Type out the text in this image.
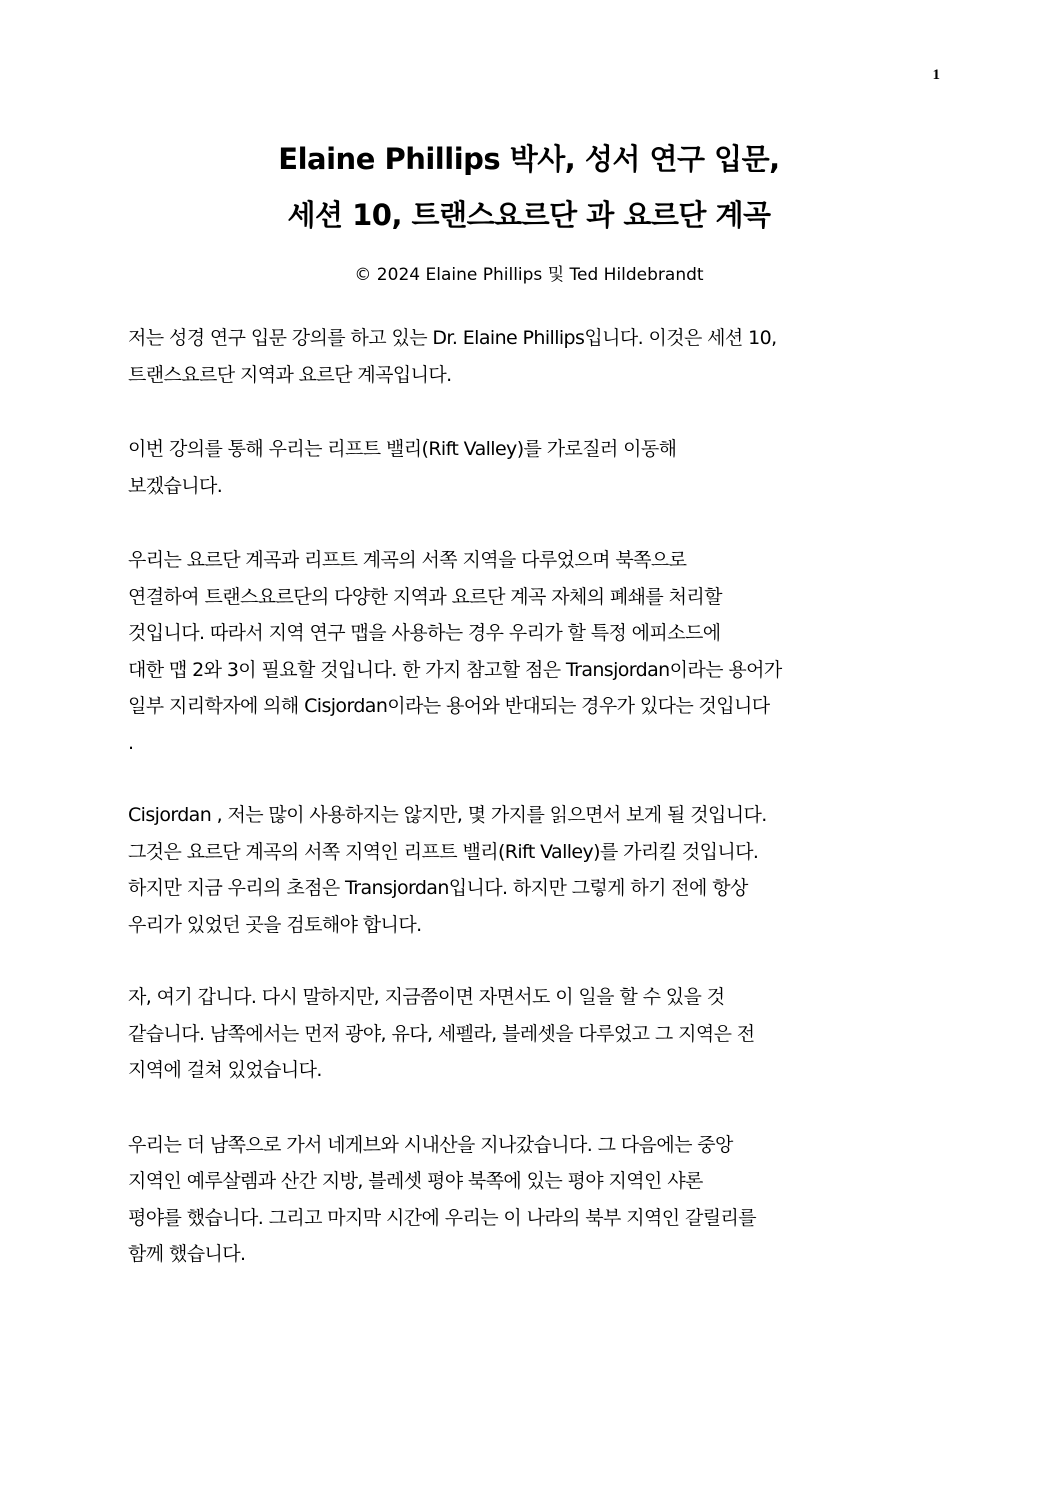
1
Elaine Phillips 박사, 성서 연구 입문,
세션 10, 트랜스요르단 과 요르단 계곡
© 2024 Elaine Phillips 및 Ted Hildebrandt

저는 성경 연구 입문 강의를 하고 있는 Dr. Elaine Phillips입니다. 이것은 세션 10,
트랜스요르단 지역과 요르단 계곡입니다.

이번 강의를 통해 우리는 리프트 밸리(Rift Valley)를 가로질러 이동해
보겠습니다.

우리는 요르단 계곡과 리프트 계곡의 서쪽 지역을 다루었으며 북쪽으로
연결하여 트랜스요르단의 다양한 지역과 요르단 계곡 자체의 폐쇄를 처리할
것입니다. 따라서 지역 연구 맵을 사용하는 경우 우리가 할 특정 에피소드에
대한 맵 2와 3이 필요할 것입니다. 한 가지 참고할 점은 Transjordan이라는 용어가
일부 지리학자에 의해 Cisjordan이라는 용어와 반대되는 경우가 있다는 것입니다
.

Cisjordan , 저는 많이 사용하지는 않지만, 몇 가지를 읽으면서 보게 될 것입니다.
그것은 요르단 계곡의 서쪽 지역인 리프트 밸리(Rift Valley)를 가리킬 것입니다.
하지만 지금 우리의 초점은 Transjordan입니다. 하지만 그렇게 하기 전에 항상
우리가 있었던 곳을 검토해야 합니다.

자, 여기 갑니다. 다시 말하지만, 지금쯤이면 자면서도 이 일을 할 수 있을 것
같습니다. 남쪽에서는 먼저 광야, 유다, 세펠라, 블레셋을 다루었고 그 지역은 전
지역에 걸쳐 있었습니다.

우리는 더 남쪽으로 가서 네게브와 시내산을 지나갔습니다. 그 다음에는 중앙
지역인 예루살렘과 산간 지방, 블레셋 평야 북쪽에 있는 평야 지역인 샤론
평야를 했습니다. 그리고 마지막 시간에 우리는 이 나라의 북부 지역인 갈릴리를
함께 했습니다.
